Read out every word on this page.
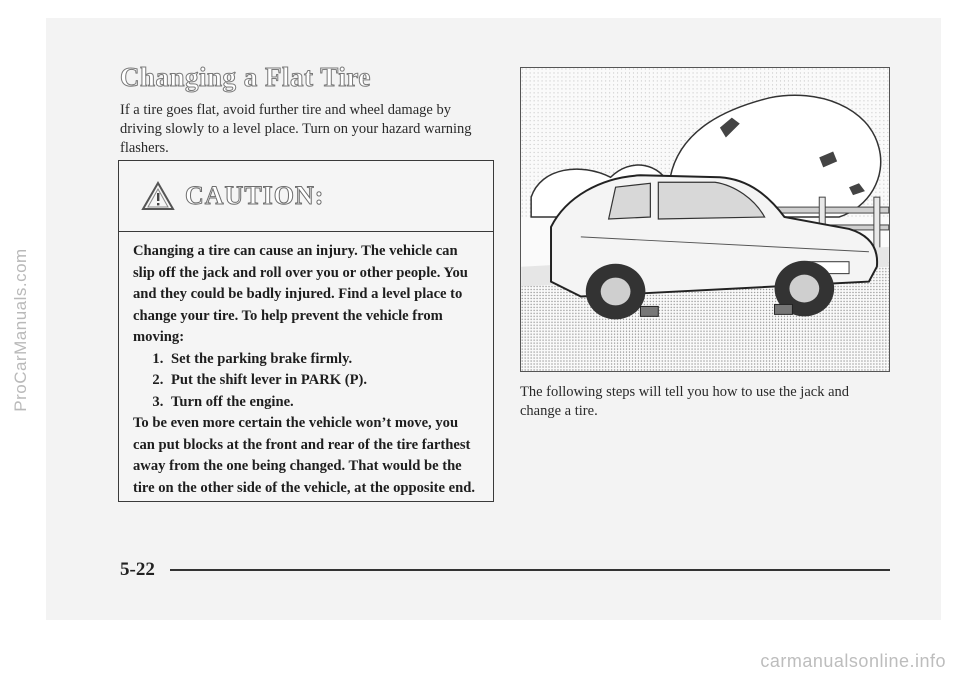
ProCarManuals.com
Changing a Flat Tire
If a tire goes flat, avoid further tire and wheel damage by driving slowly to a level place. Turn on your hazard warning flashers.
CAUTION:

Changing a tire can cause an injury. The vehicle can slip off the jack and roll over you or other people. You and they could be badly injured. Find a level place to change your tire. To help prevent the vehicle from moving:

1. Set the parking brake firmly.
2. Put the shift lever in PARK (P).
3. Turn off the engine.

To be even more certain the vehicle won’t move, you can put blocks at the front and rear of the tire farthest away from the one being changed. That would be the tire on the other side of the vehicle, at the opposite end.

The following steps will tell you how to use the jack and change a tire.
5-22
carmanualsonline.info
